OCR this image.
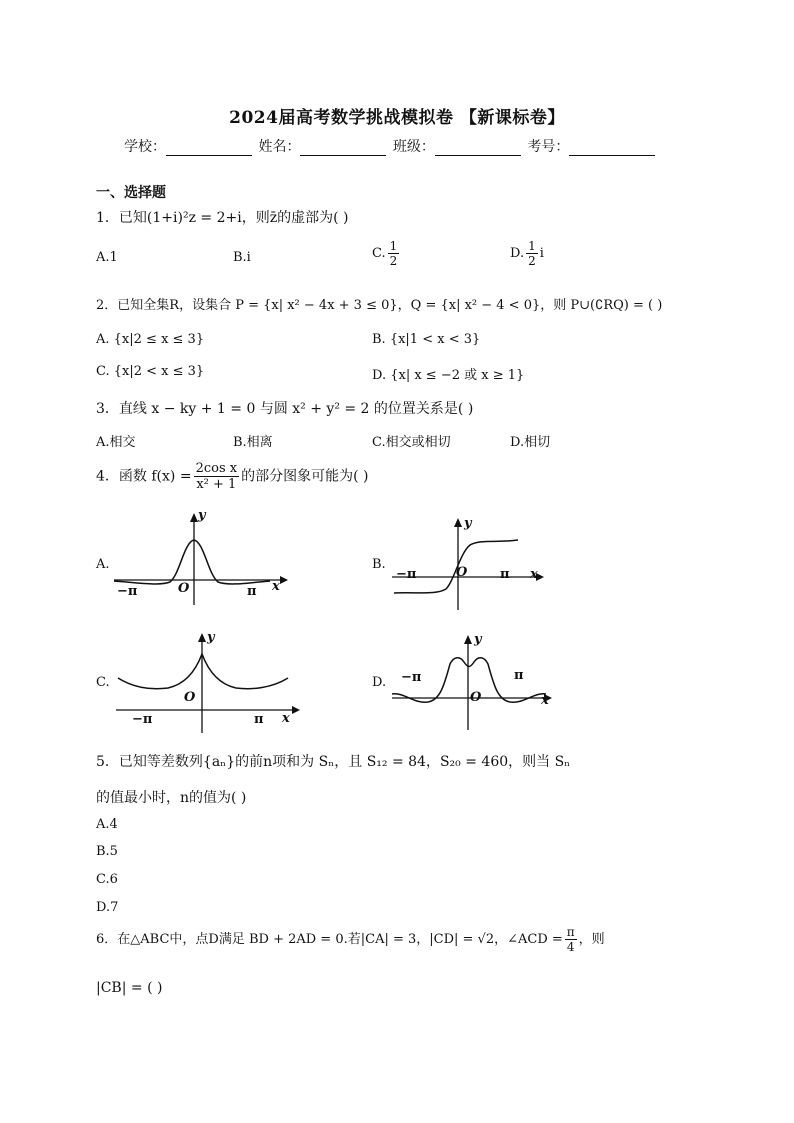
2024届高考数学挑战模拟卷 【新课标卷】
学校：	姓名：	班级：	考号：
一、选择题
1．已知(1+i)²z = 2+i，则z̄的虚部为( )
A.1	B.i	C. $\frac{1}{2}$	D. $\frac{1}{2}$ i
2．已知全集R，设集合 P = {x| x² − 4x + 3 ≤ 0}，Q = {x| x² − 4 < 0}，则 P∪(∁RQ) = ( )
A. {x|2 ≤ x ≤ 3}	B. {x|1 < x < 3}
C. {x|2 < x ≤ 3}	D. {x| x ≤ −2 或 x ≥ 1}
3．直线 x − ky + 1 = 0 与圆 x² + y² = 2 的位置关系是( )
A.相交	B.相离	C.相交或相切	D.相切
4．函数 $f(x) = \frac{\text{2cos x}}{\text{x² + 1}}$ 的部分图象可能为( )
A.
y
x
O
−π	π
B.
y
x
O
−π	π
C.
y
x
O
−π	π
D.
y
x
O
−π	π
5．已知等差数列{aₙ}的前n项和为 Sₙ，且 S₁₂ = 84，S₂₀ = 460，则当 Sₙ
的值最小时，n的值为( )
A.4
B.5
C.6
D.7
6．在△ABC中，点D满足 BD + 2AD = 0.若|CA| = 3，|CD| = √2，∠ACD = $\frac{\pi}{4}$ ，则
|CB| = ( )
